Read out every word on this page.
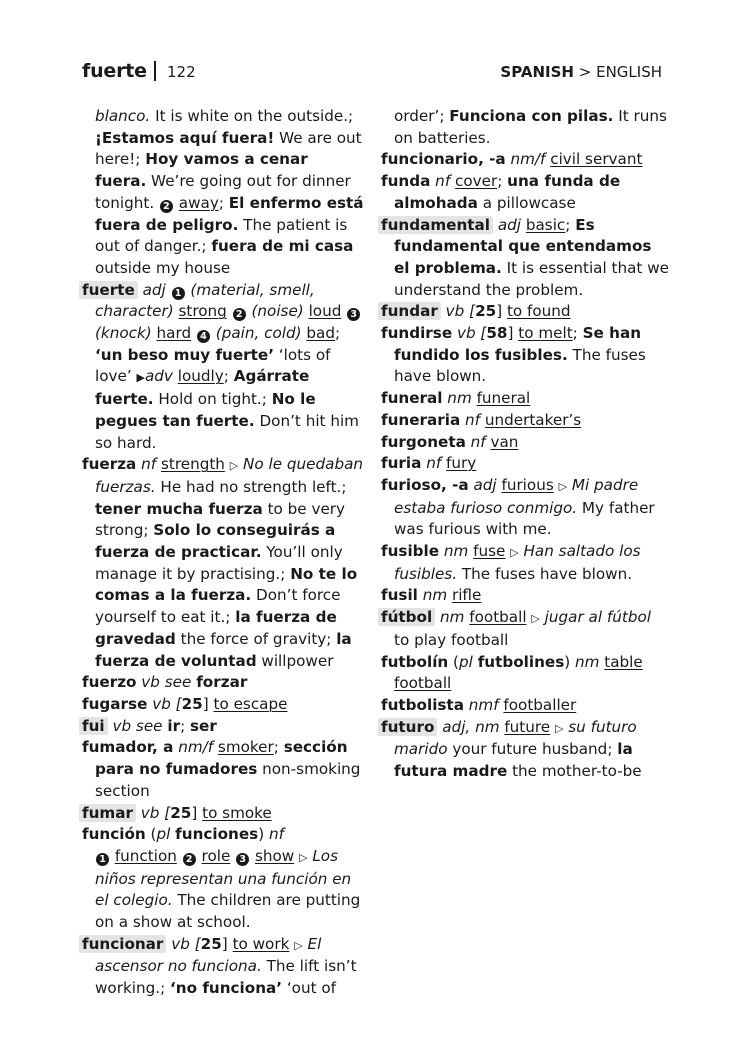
fuerte 122	SPANISH > ENGLISH
blanco. It is white on the outside.; ¡Estamos aquí fuera! We are out here!; Hoy vamos a cenar fuera. We’re going out for dinner tonight. 2 away; El enfermo está fuera de peligro. The patient is out of danger.; fuera de mi casa outside my house
fuerte adj 1 (material, smell, character) strong 2 (noise) loud 3 (knock) hard 4 (pain, cold) bad; ‘un beso muy fuerte’ ‘lots of love’ ▶adv loudly; Agárrate fuerte. Hold on tight.; No le pegues tan fuerte. Don’t hit him so hard.
fuerza nf strength ▷ No le quedaban fuerzas. He had no strength left.; tener mucha fuerza to be very strong; Solo lo conseguirás a fuerza de practicar. You’ll only manage it by practising.; No te lo comas a la fuerza. Don’t force yourself to eat it.; la fuerza de gravedad the force of gravity; la fuerza de voluntad willpower
fuerzo vb see forzar
fugarse vb [25] to escape
fui vb see ir; ser
fumador, a nm/f smoker; sección para no fumadores non-smoking section
fumar vb [25] to smoke
función (pl funciones) nf
1 function 2 role 3 show ▷ Los niños representan una función en el colegio. The children are putting on a show at school.
funcionar vb [25] to work ▷ El ascensor no funciona. The lift isn’t working.; ‘no funciona’ ‘out of
order’; Funciona con pilas. It runs on batteries.
funcionario, -a nm/f civil servant
funda nf cover; una funda de almohada a pillowcase
fundamental adj basic; Es fundamental que entendamos el problema. It is essential that we understand the problem.
fundar vb [25] to found
fundirse vb [58] to melt; Se han fundido los fusibles. The fuses have blown.
funeral nm funeral
funeraria nf undertaker’s
furgoneta nf van
furia nf fury
furioso, -a adj furious ▷ Mi padre estaba furioso conmigo. My father was furious with me.
fusible nm fuse ▷ Han saltado los fusibles. The fuses have blown.
fusil nm rifle
fútbol nm football ▷ jugar al fútbol to play football
futbolín (pl futbolines) nm table football
futbolista nmf footballer
futuro adj, nm future ▷ su futuro marido your future husband; la futura madre the mother-to-be
